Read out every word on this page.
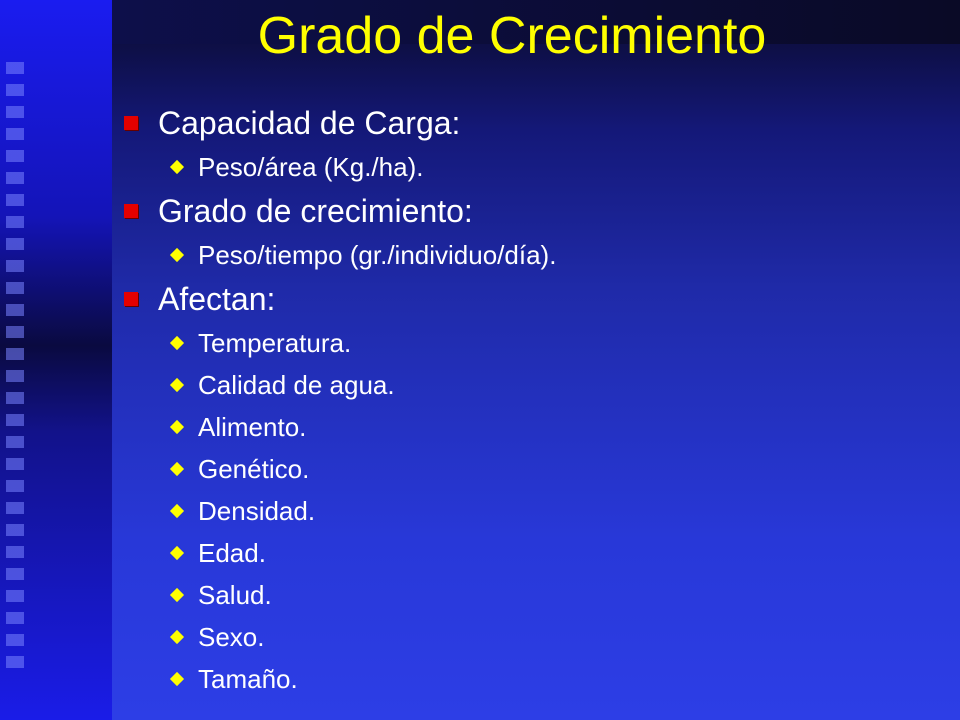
Grado de Crecimiento
Capacidad de Carga:
Peso/área (Kg./ha).
Grado de crecimiento:
Peso/tiempo (gr./individuo/día).
Afectan:
Temperatura.
Calidad de agua.
Alimento.
Genético.
Densidad.
Edad.
Salud.
Sexo.
Tamaño.
